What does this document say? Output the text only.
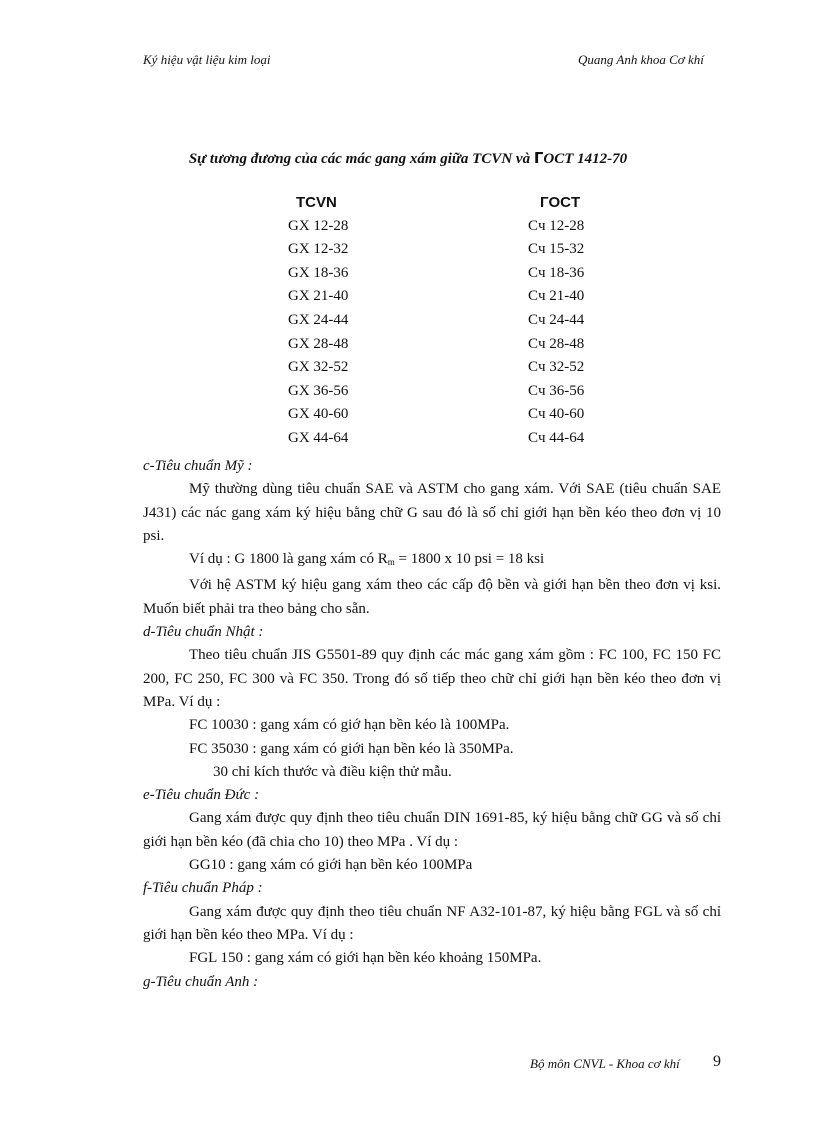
Ký hiệu vật liệu kim loại	Quang Anh khoa Cơ khí
Sự tương đương của các mác gang xám giữa TCVN và ГOCT 1412-70
TCVN	ГOCT
GX 12-28	Cч 12-28
GX 12-32	Cч 15-32
GX 18-36	Cч 18-36
GX 21-40	Cч 21-40
GX 24-44	Cч 24-44
GX 28-48	Cч 28-48
GX 32-52	Cч 32-52
GX 36-56	Cч 36-56
GX 40-60	Cч 40-60
GX 44-64	Cч 44-64

c-Tiêu chuẩn Mỹ :

Mỹ thường dùng tiêu chuẩn SAE và ASTM cho gang xám. Với SAE (tiêu chuẩn SAE J431) các nác gang xám ký hiệu bằng chữ G sau đó là số chỉ giới hạn bền kéo theo đơn vị 10 psi.

Ví dụ : G 1800 là gang xám có $R_m = 1800$ x 10 psi = 18 ksi

Với hệ ASTM ký hiệu gang xám theo các cấp độ bền và giới hạn bền theo đơn vị ksi. Muốn biết phải tra theo bảng cho sẵn.

d-Tiêu chuẩn Nhật :

Theo tiêu chuẩn JIS G5501-89 quy định các mác gang xám gồm : FC 100, FC 150 FC 200, FC 250, FC 300 và FC 350. Trong đó số tiếp theo chữ chỉ giới hạn bền kéo theo đơn vị MPa. Ví dụ :

FC 10030 : gang xám có giớ hạn bền kéo là 100MPa.

FC 35030 : gang xám có giới hạn bền kéo là 350MPa.

30 chỉ kích thước và điều kiện thử mẫu.

e-Tiêu chuẩn Đức :

Gang xám được quy định theo tiêu chuẩn DIN 1691-85, ký hiệu bằng chữ GG và số chỉ giới hạn bền kéo (đã chia cho 10) theo MPa . Ví dụ :

GG10 : gang xám có giới hạn bền kéo 100MPa

f-Tiêu chuẩn Pháp :

Gang xám được quy định theo tiêu chuẩn NF A32-101-87, ký hiệu bằng FGL và số chỉ giới hạn bền kéo theo MPa. Ví dụ :

FGL 150 : gang xám có giới hạn bền kéo khoảng 150MPa.

g-Tiêu chuẩn Anh :

Bộ môn CNVL - Khoa cơ khí 9
